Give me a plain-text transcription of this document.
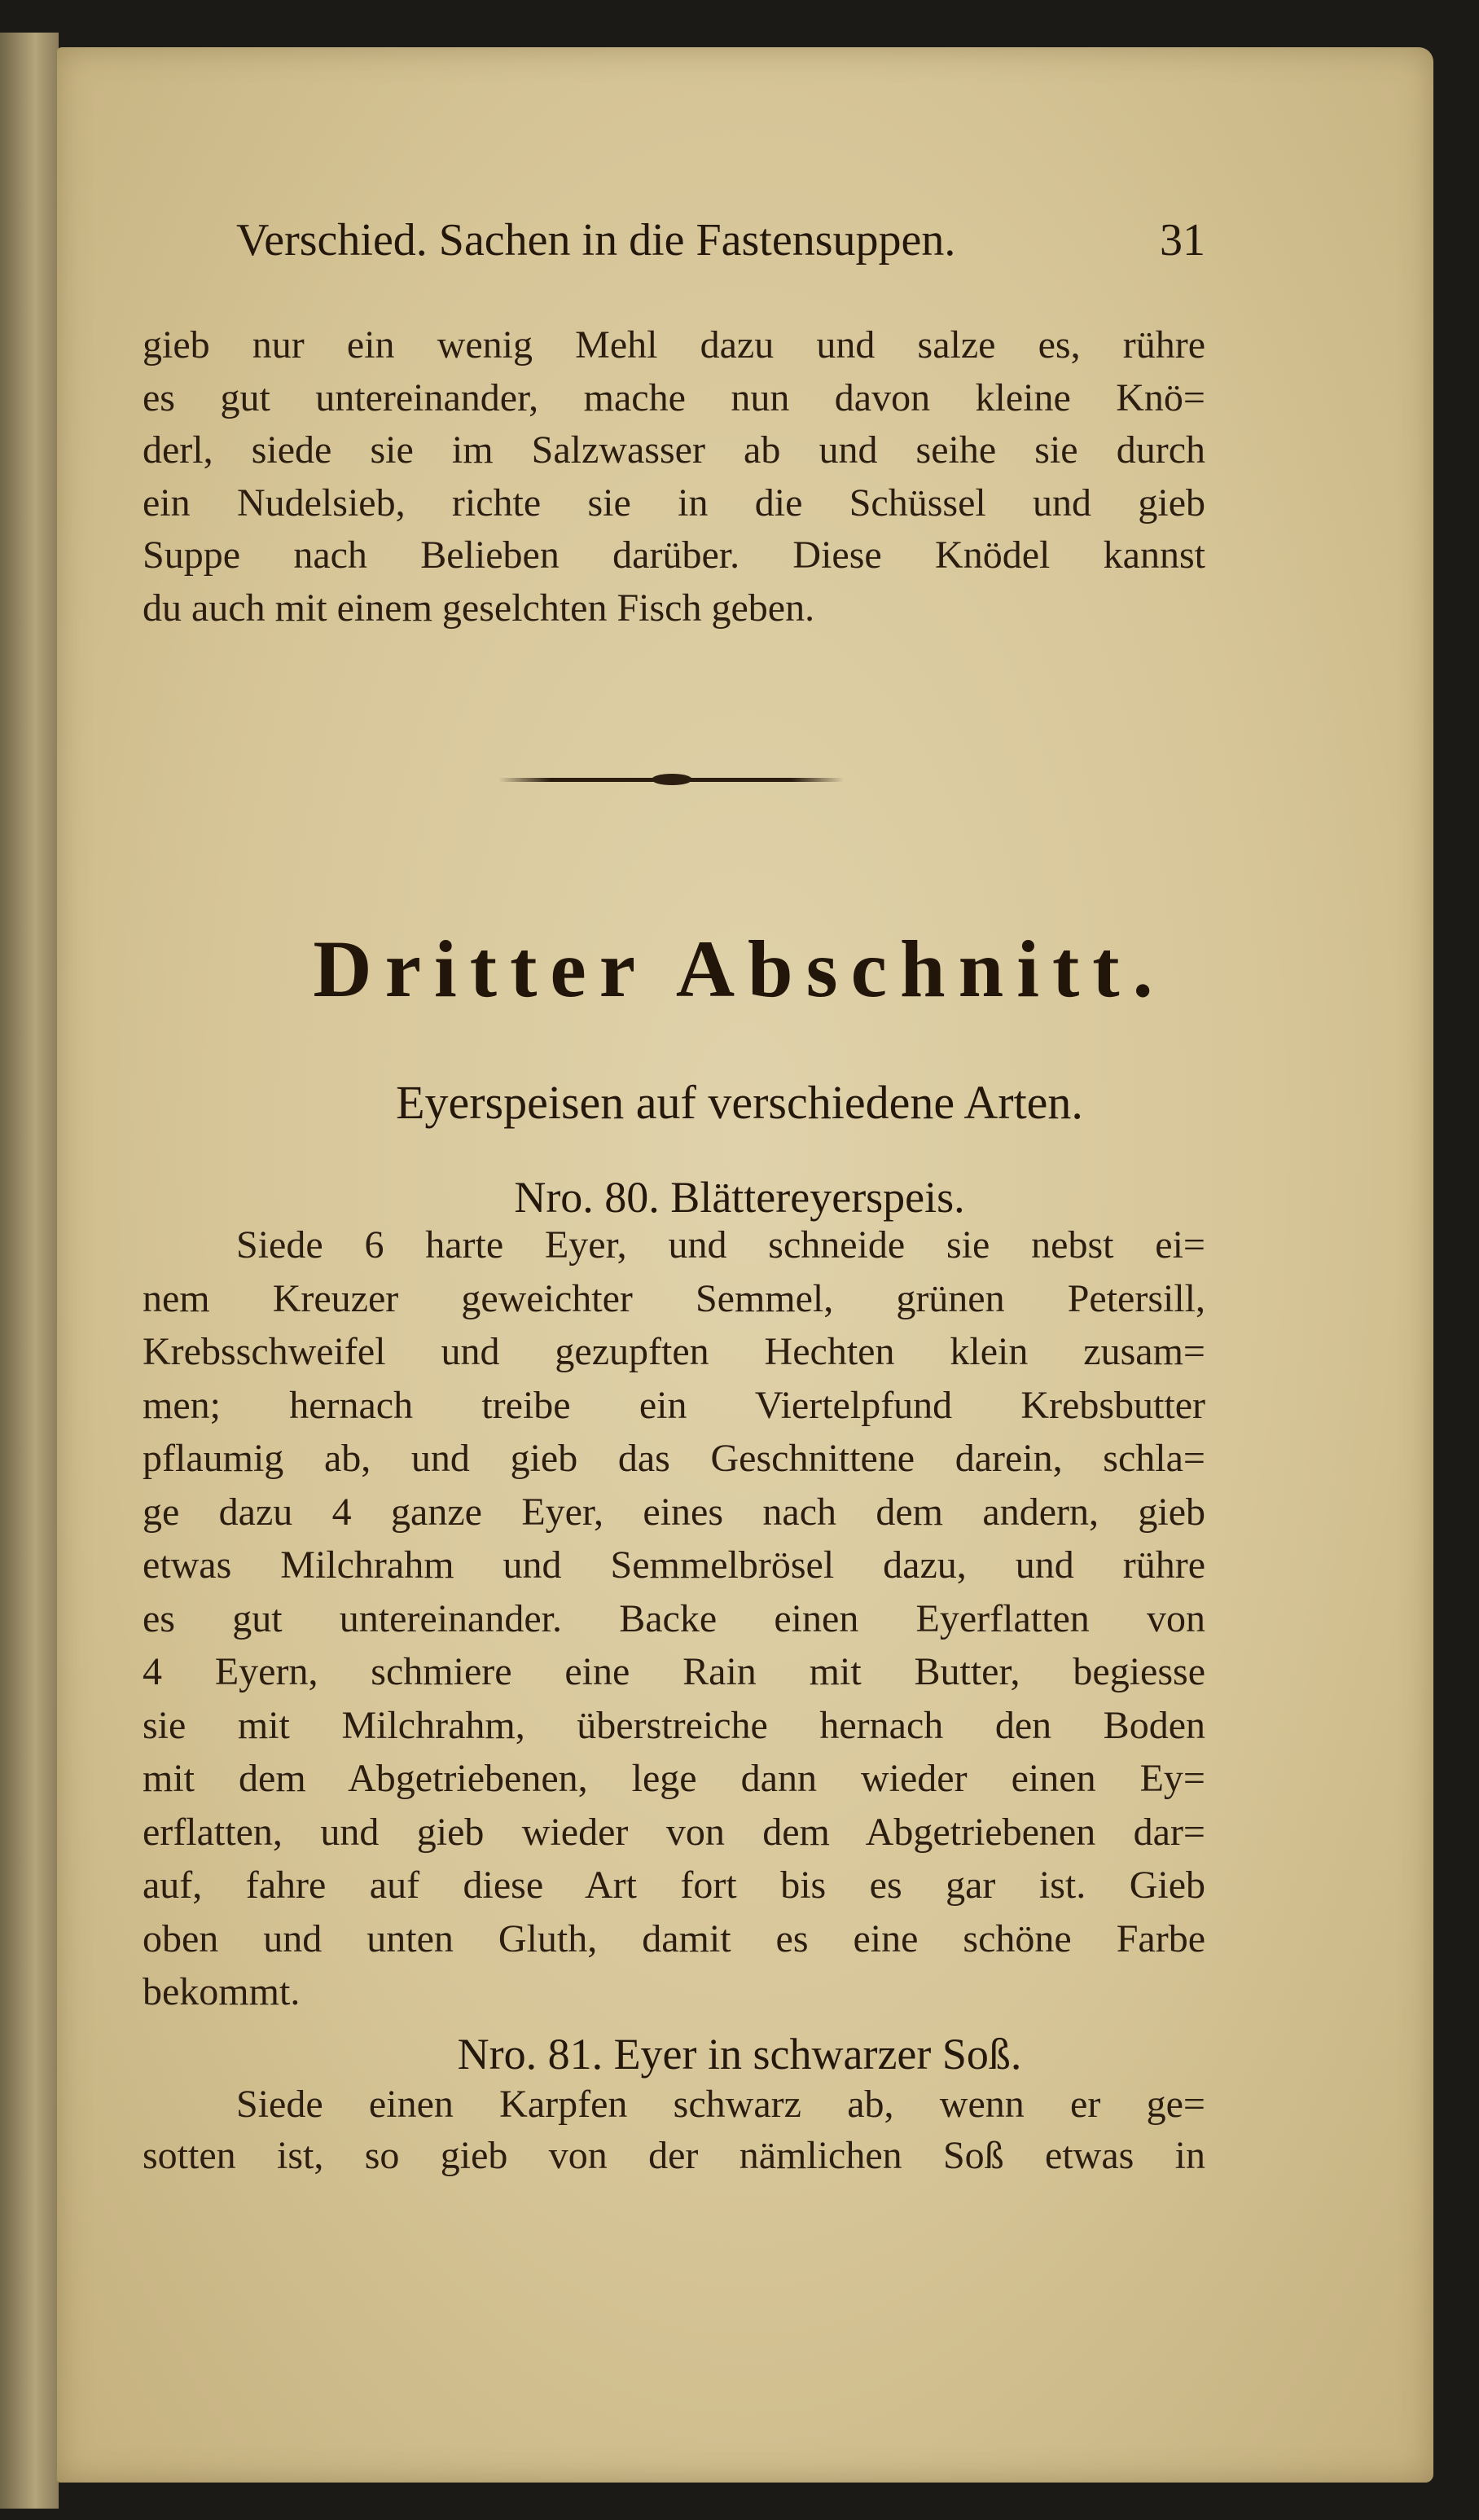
Verschied. Sachen in die Fastensuppen.	31
gieb nur ein wenig Mehl dazu und salze es, rühre
es gut untereinander, mache nun davon kleine Knö=
derl, siede sie im Salzwasser ab und seihe sie durch
ein Nudelsieb, richte sie in die Schüssel und gieb
Suppe nach Belieben darüber. Diese Knödel kannst
du auch mit einem geselchten Fisch geben.
Dritter Abschnitt.
Eyerspeisen auf verschiedene Arten.
Nro. 80. Blättereyerspeis.
Siede 6 harte Eyer, und schneide sie nebst ei=
nem Kreuzer geweichter Semmel, grünen Petersill,
Krebsschweifel und gezupften Hechten klein zusam=
men; hernach treibe ein Viertelpfund Krebsbutter
pflaumig ab, und gieb das Geschnittene darein, schla=
ge dazu 4 ganze Eyer, eines nach dem andern, gieb
etwas Milchrahm und Semmelbrösel dazu, und rühre
es gut untereinander. Backe einen Eyerflatten von
4 Eyern, schmiere eine Rain mit Butter, begiesse
sie mit Milchrahm, überstreiche hernach den Boden
mit dem Abgetriebenen, lege dann wieder einen Ey=
erflatten, und gieb wieder von dem Abgetriebenen dar=
auf, fahre auf diese Art fort bis es gar ist. Gieb
oben und unten Gluth, damit es eine schöne Farbe
bekommt.
Nro. 81. Eyer in schwarzer Soß.
Siede einen Karpfen schwarz ab, wenn er ge=
sotten ist, so gieb von der nämlichen Soß etwas in
